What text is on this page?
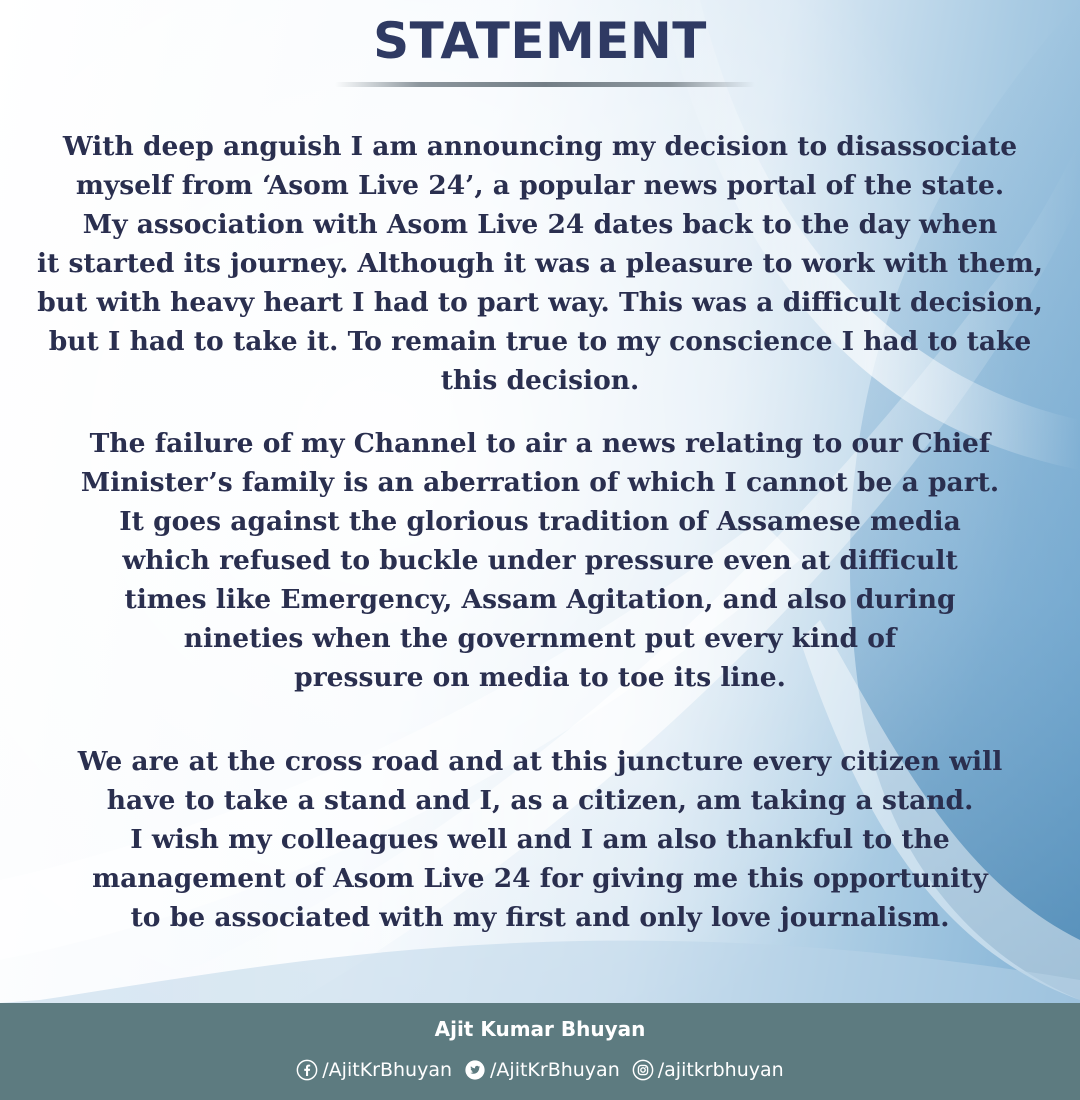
STATEMENT
With deep anguish I am announcing my decision to disassociate
myself from ‘Asom Live 24’, a popular news portal of the state.
My association with Asom Live 24 dates back to the day when
it started its journey. Although it was a pleasure to work with them,
but with heavy heart I had to part way. This was a difficult decision,
but I had to take it. To remain true to my conscience I had to take
this decision.
The failure of my Channel to air a news relating to our Chief
Minister’s family is an aberration of which I cannot be a part.
It goes against the glorious tradition of Assamese media
which refused to buckle under pressure even at difficult
times like Emergency, Assam Agitation, and also during
nineties when the government put every kind of
pressure on media to toe its line.
We are at the cross road and at this juncture every citizen will
have to take a stand and I, as a citizen, am taking a stand.
I wish my colleagues well and I am also thankful to the
management of Asom Live 24 for giving me this opportunity
to be associated with my first and only love journalism.
Ajit Kumar Bhuyan
/AjitKrBhuyan /AjitKrBhuyan /ajitkrbhuyan
